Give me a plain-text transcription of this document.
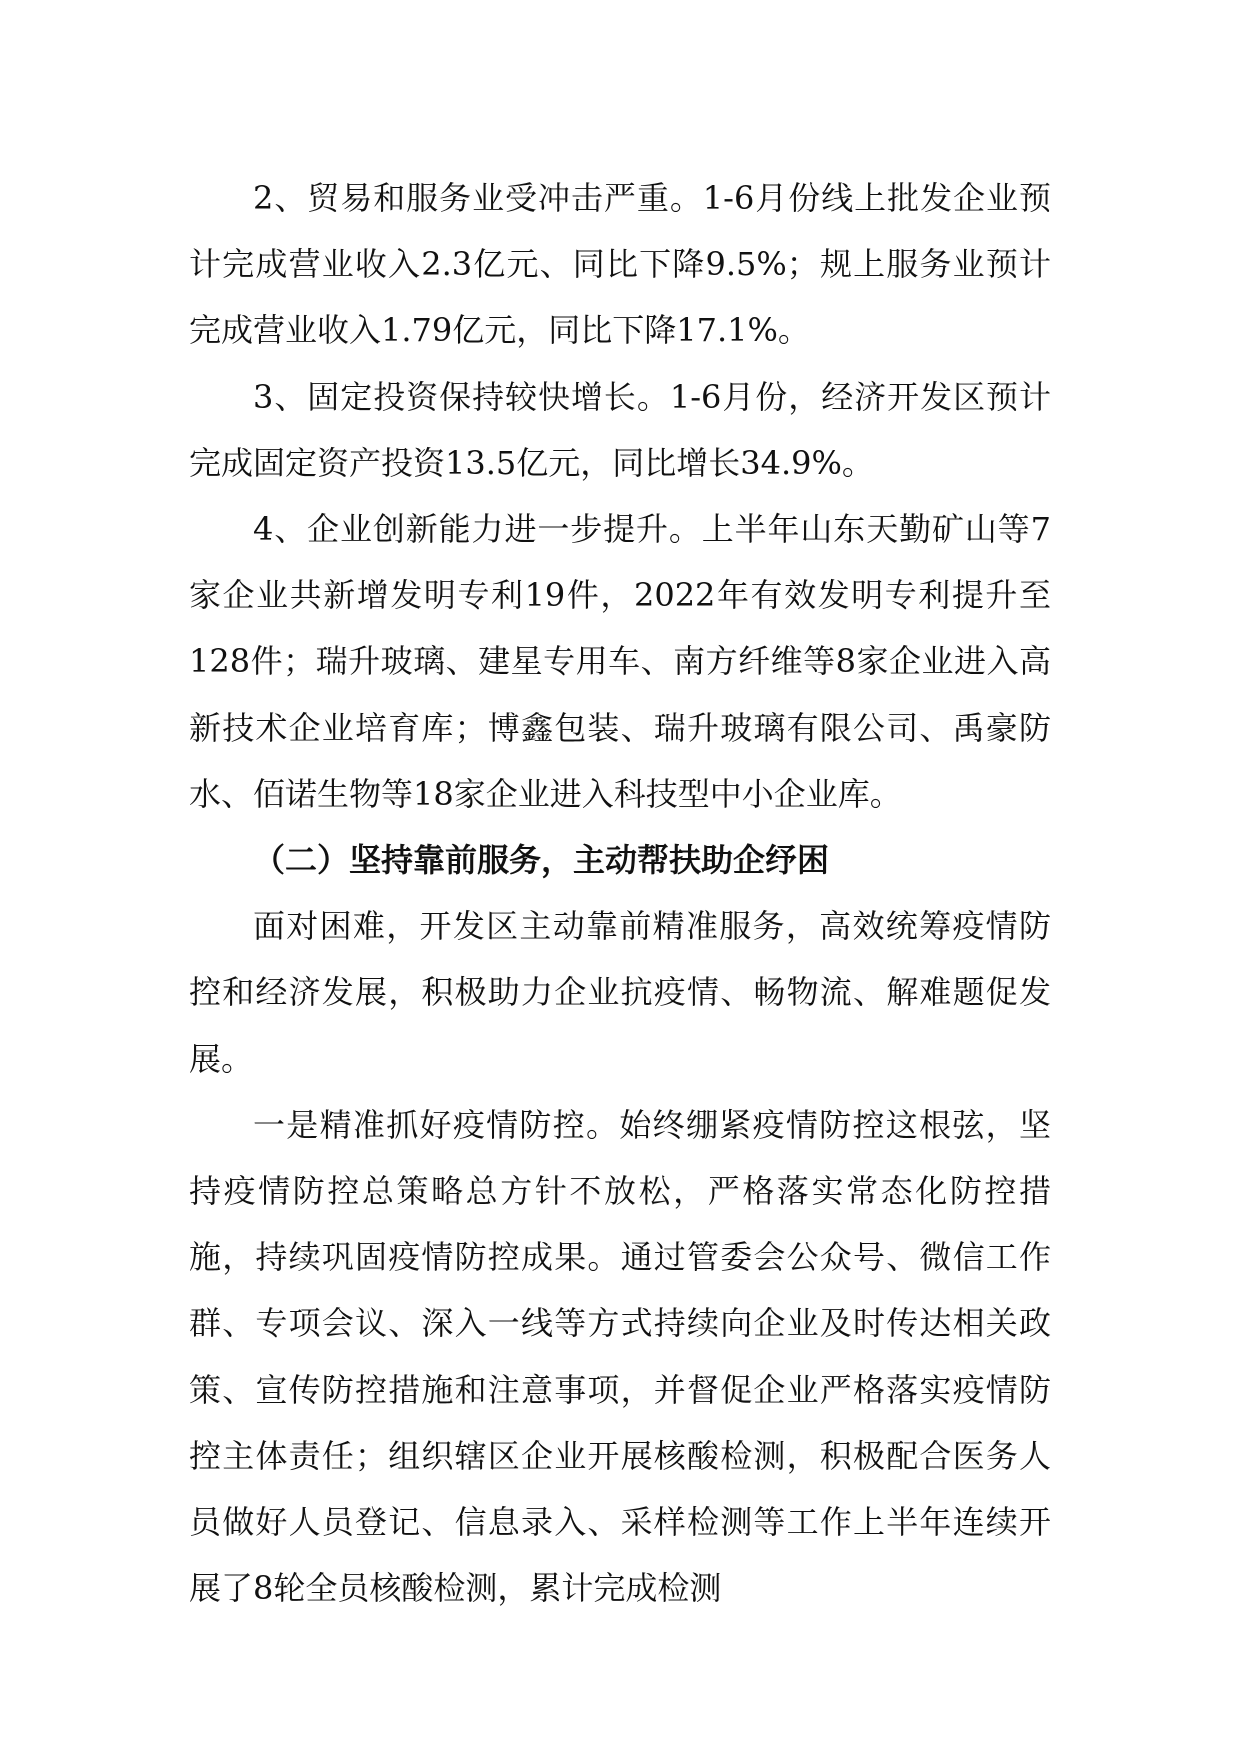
2、贸易和服务业受冲击严重。1-6月份线上批发企业预计完成营业收入2.3亿元、同比下降9.5%；规上服务业预计完成营业收入1.79亿元，同比下降17.1%。

3、固定投资保持较快增长。1-6月份，经济开发区预计完成固定资产投资13.5亿元，同比增长34.9%。

4、企业创新能力进一步提升。上半年山东天勤矿山等7家企业共新增发明专利19件，2022年有效发明专利提升至128件；瑞升玻璃、建星专用车、南方纤维等8家企业进入高新技术企业培育库；博鑫包装、瑞升玻璃有限公司、禹豪防水、佰诺生物等18家企业进入科技型中小企业库。

（二）坚持靠前服务，主动帮扶助企纾困

面对困难，开发区主动靠前精准服务，高效统筹疫情防控和经济发展，积极助力企业抗疫情、畅物流、解难题促发展。

一是精准抓好疫情防控。始终绷紧疫情防控这根弦，坚持疫情防控总策略总方针不放松，严格落实常态化防控措施，持续巩固疫情防控成果。通过管委会公众号、微信工作群、专项会议、深入一线等方式持续向企业及时传达相关政策、宣传防控措施和注意事项，并督促企业严格落实疫情防控主体责任；组织辖区企业开展核酸检测，积极配合医务人员做好人员登记、信息录入、采样检测等工作上半年连续开展了8轮全员核酸检测，累计完成检测
